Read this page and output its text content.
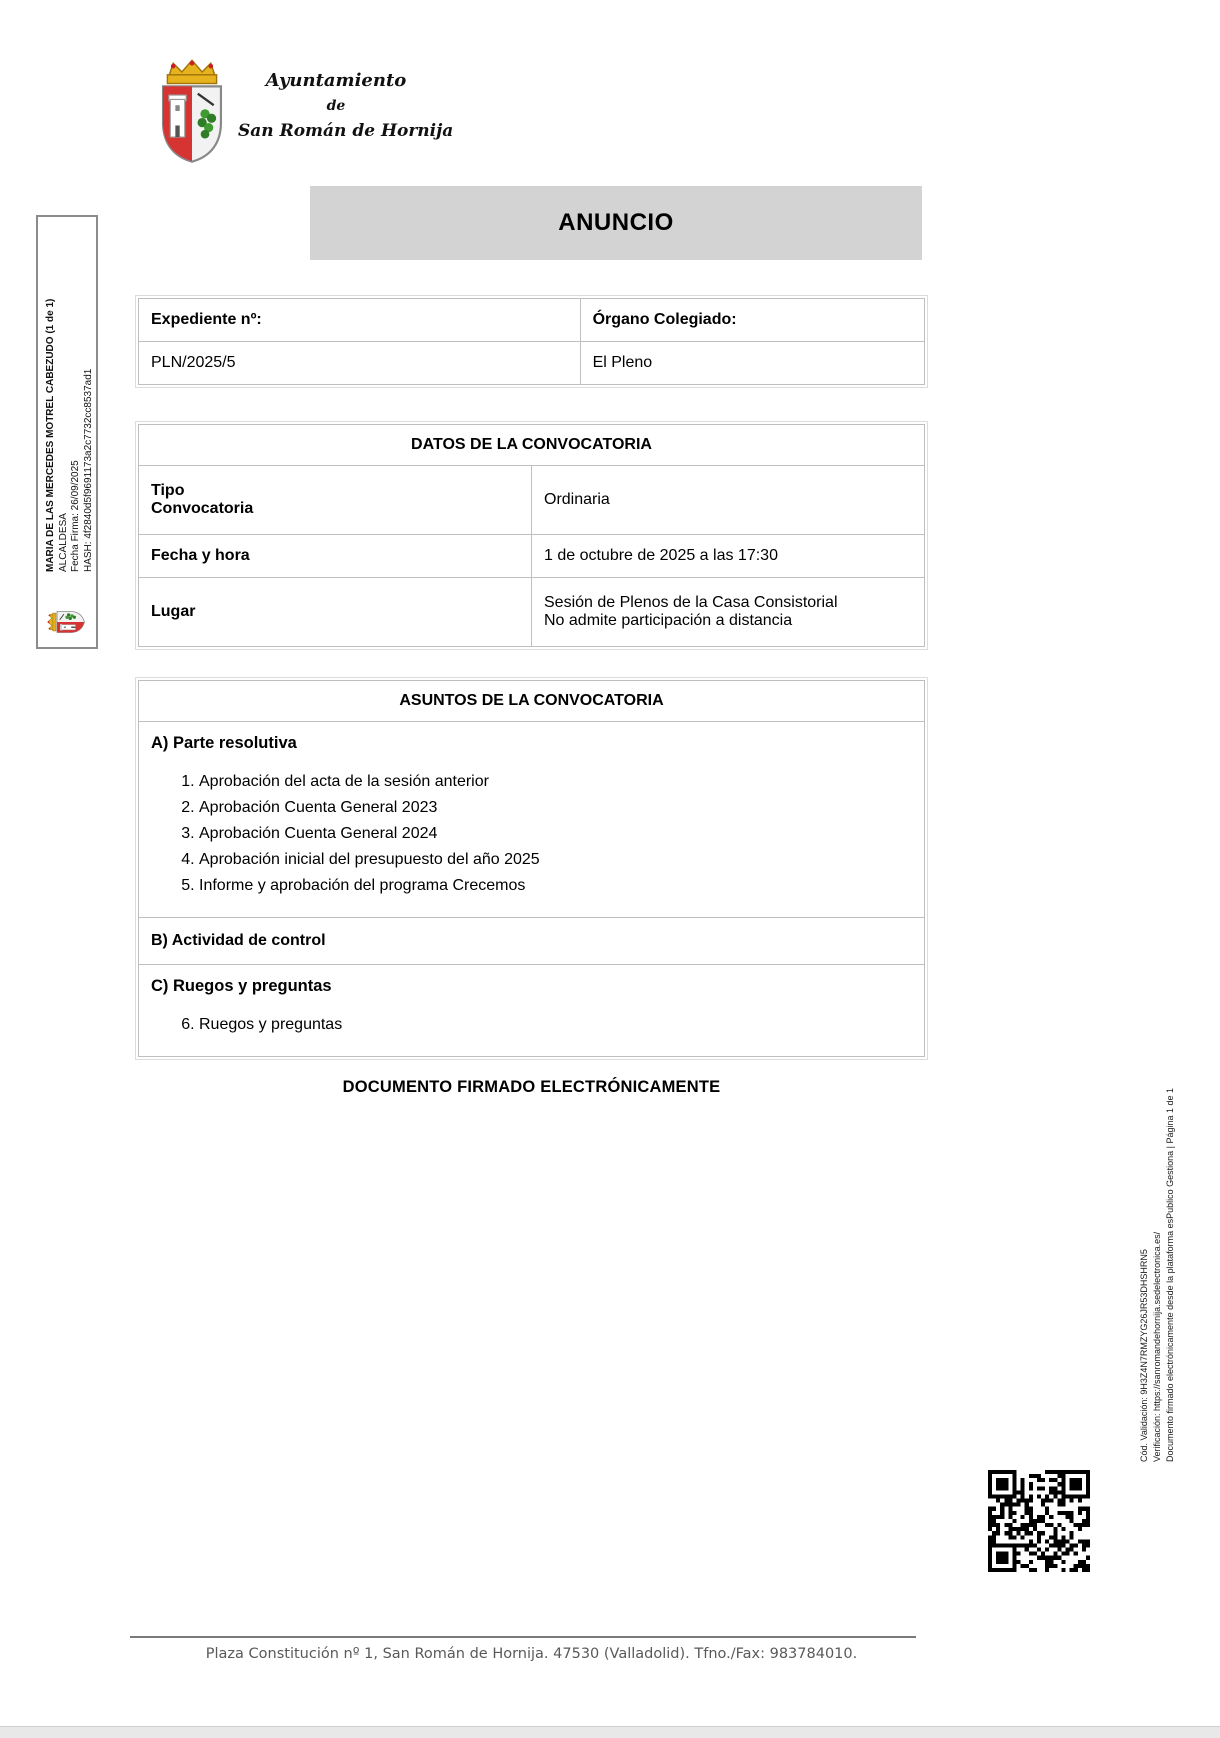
Ayuntamiento
de
San Román de Hornija
MARIA DE LAS MERCEDES MOTREL CABEZUDO (1 de 1) ALCALDESA Fecha Firma: 26/09/2025 HASH: 4f2840d5f9691173a2c7732cc8537ad1
ANUNCIO
Expediente nº:	Órgano Colegiado:
PLN/2025/5	El Pleno
DATOS DE LA CONVOCATORIA	
Tipo Convocatoria	Ordinaria
Fecha y hora	1 de octubre de 2025 a las 17:30
Lugar	Sesión de Plenos de la Casa Consistorial
No admite participación a distancia
ASUNTOS DE LA CONVOCATORIA

A) Parte resolutiva
1. Aprobación del acta de la sesión anterior
2. Aprobación Cuenta General 2023
3. Aprobación Cuenta General 2024
4. Aprobación inicial del presupuesto del año 2025
5. Informe y aprobación del programa Crecemos

B) Actividad de control

C) Ruegos y preguntas
6. Ruegos y preguntas
DOCUMENTO FIRMADO ELECTRÓNICAMENTE
Cód. Validación: 9H3Z4N7RMZYG26JR53DHSHRN5 Verificación: https://sanromandehornija.sedelectronica.es/ Documento firmado electrónicamente desde la plataforma esPublico Gestiona | Página 1 de 1
Plaza Constitución nº 1, San Román de Hornija. 47530 (Valladolid). Tfno./Fax: 983784010.
